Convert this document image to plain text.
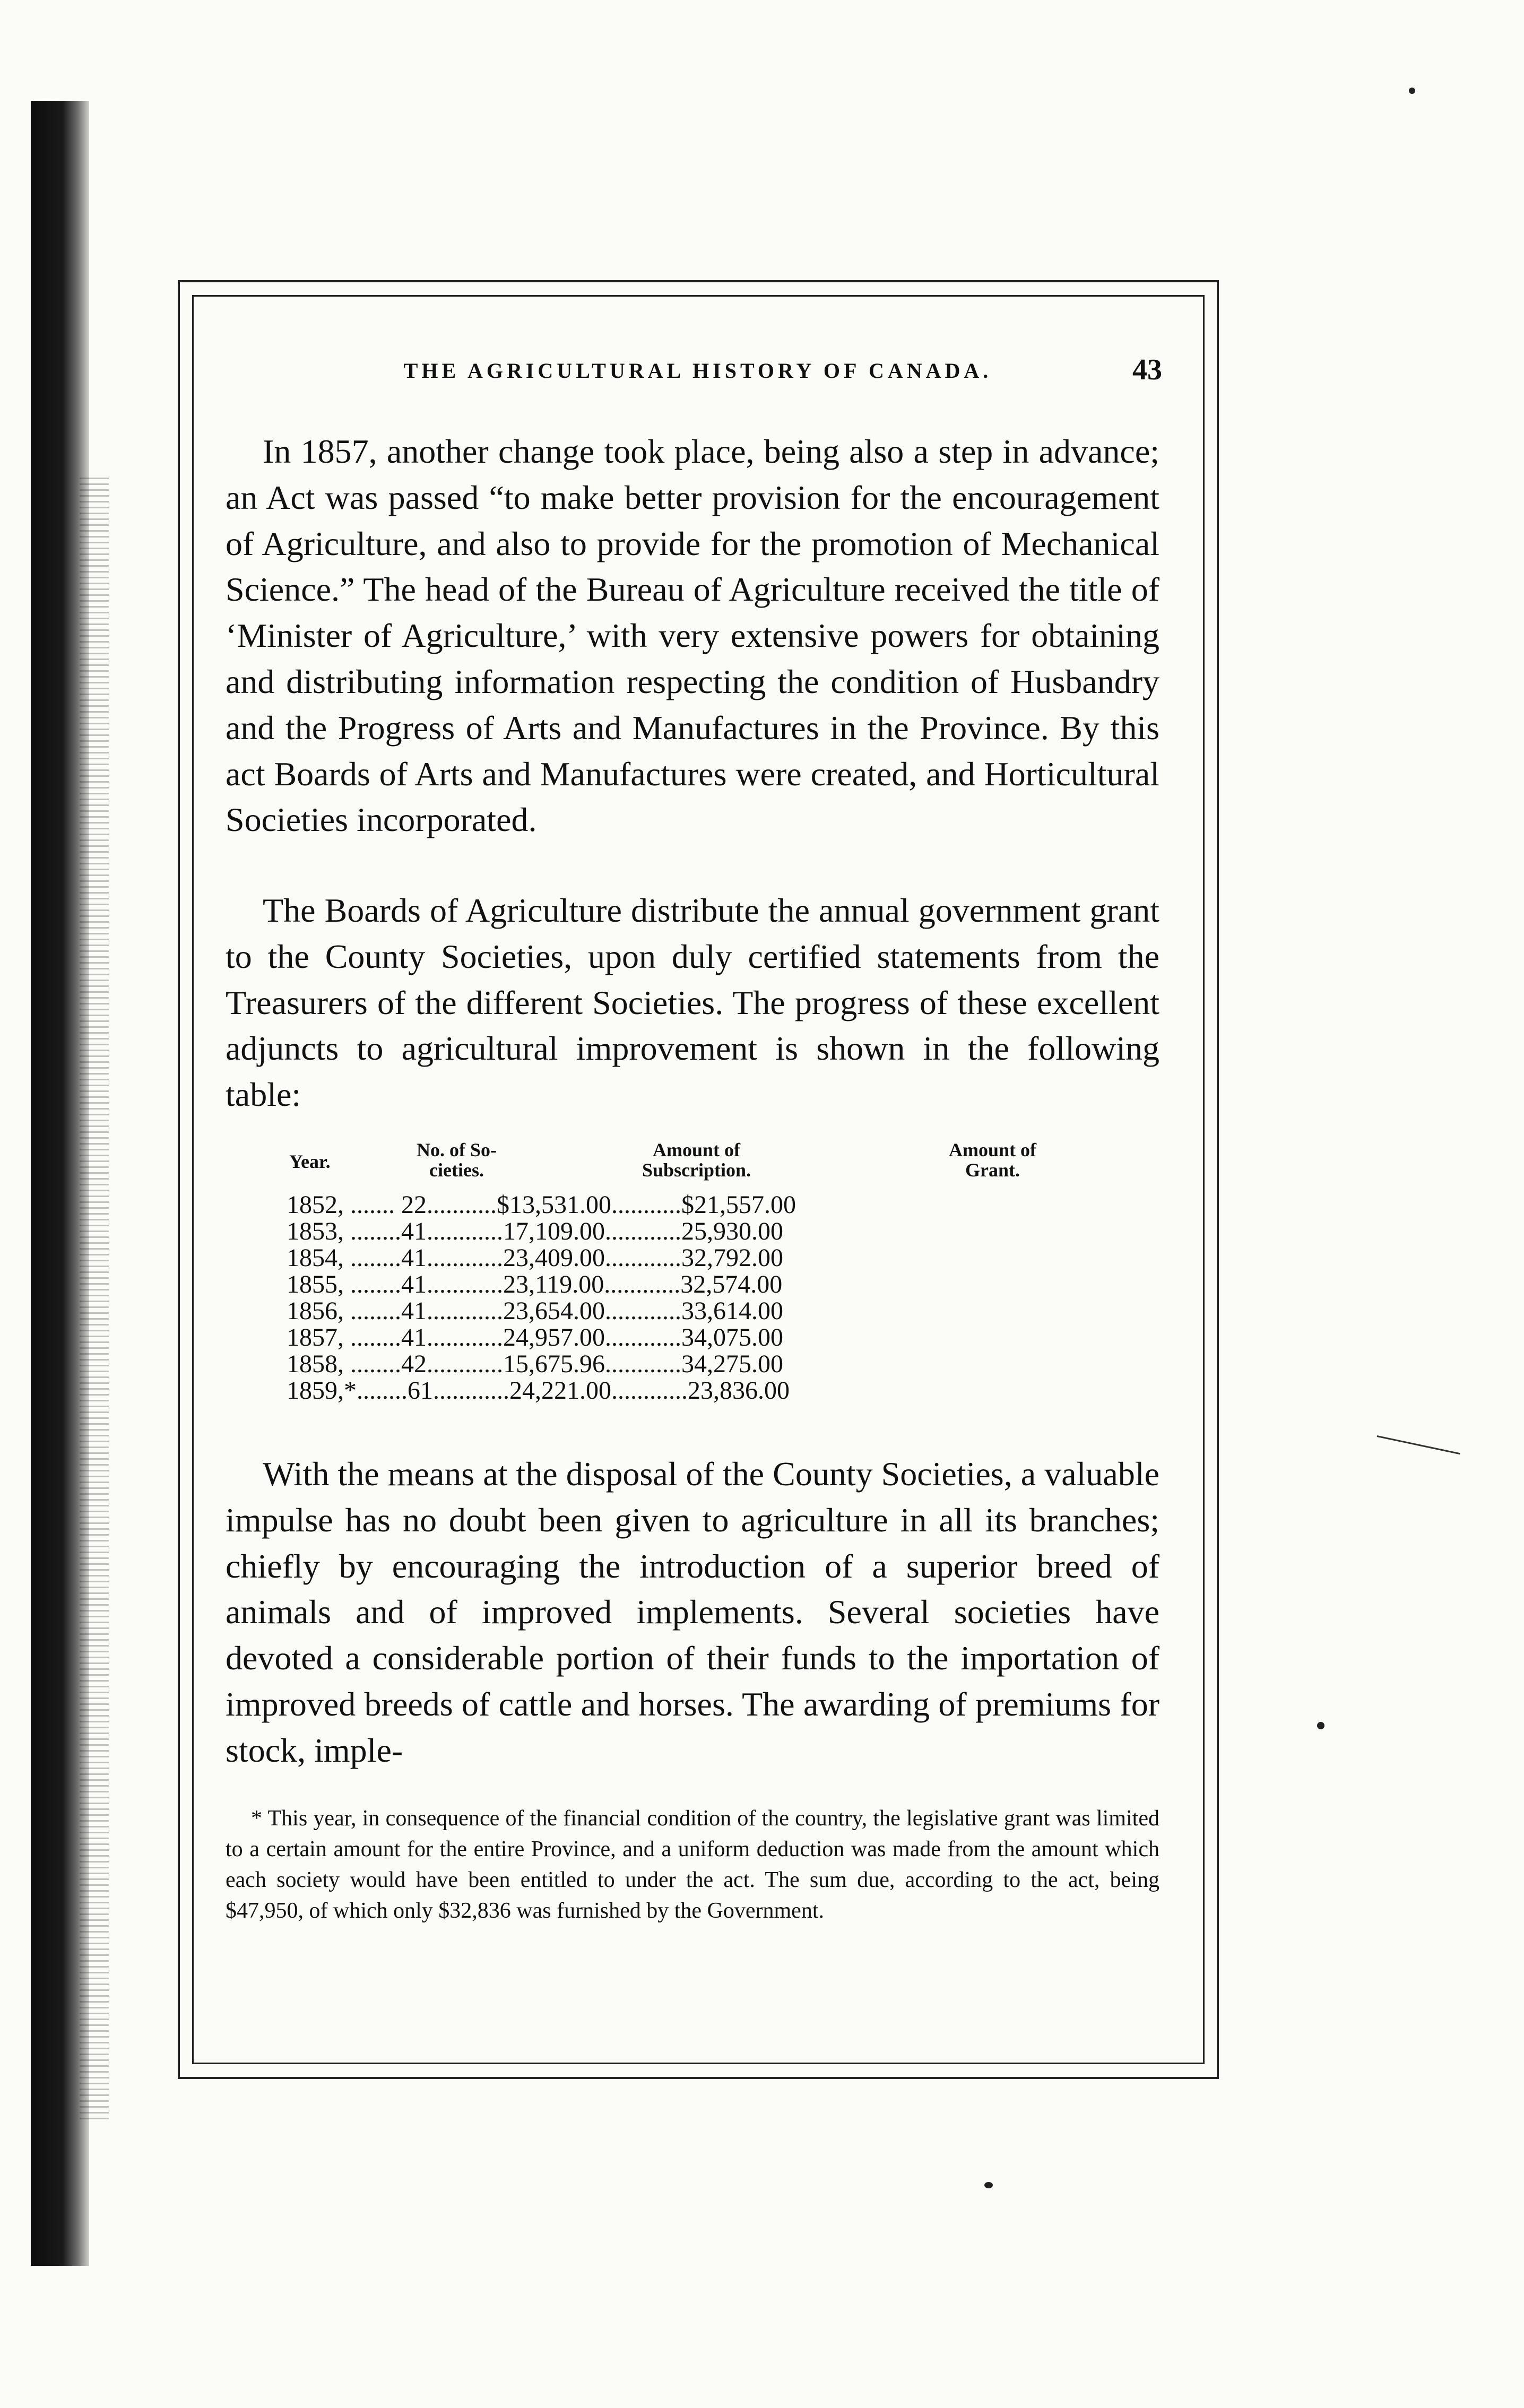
THE AGRICULTURAL HISTORY OF CANADA.	43

In 1857, another change took place, being also a step in advance; an Act was passed “to make better provision for the encouragement of Agriculture, and also to provide for the promotion of Mechanical Science.” The head of the Bureau of Agriculture received the title of ‘Minister of Agriculture,’ with very extensive powers for obtaining and distributing information respecting the condition of Husbandry and the Progress of Arts and Manufactures in the Province. By this act Boards of Arts and Manufactures were created, and Horticultural Societies incorporated.

The Boards of Agriculture distribute the annual government grant to the County Societies, upon duly certified statements from the Treasurers of the different Societies. The progress of these excellent adjuncts to agricultural improvement is shown in the following table:

Year.
No. of So-
cieties.
Amount of
Subscription.
Amount of
Grant.
1852, ....... 22...........$13,531.00...........$21,557.00
1853, ........41............17,109.00............25,930.00
1854, ........41............23,409.00............32,792.00
1855, ........41............23,119.00............32,574.00
1856, ........41............23,654.00............33,614.00
1857, ........41............24,957.00............34,075.00
1858, ........42............15,675.96............34,275.00
1859,*........61............24,221.00............23,836.00

With the means at the disposal of the County Societies, a valuable impulse has no doubt been given to agriculture in all its branches; chiefly by encouraging the introduction of a superior breed of animals and of improved implements. Several societies have devoted a considerable portion of their funds to the importation of improved breeds of cattle and horses. The awarding of premiums for stock, imple-

* This year, in consequence of the financial condition of the country, the legislative grant was limited to a certain amount for the entire Province, and a uniform deduction was made from the amount which each society would have been entitled to under the act. The sum due, according to the act, being $47,950, of which only $32,836 was furnished by the Government.
